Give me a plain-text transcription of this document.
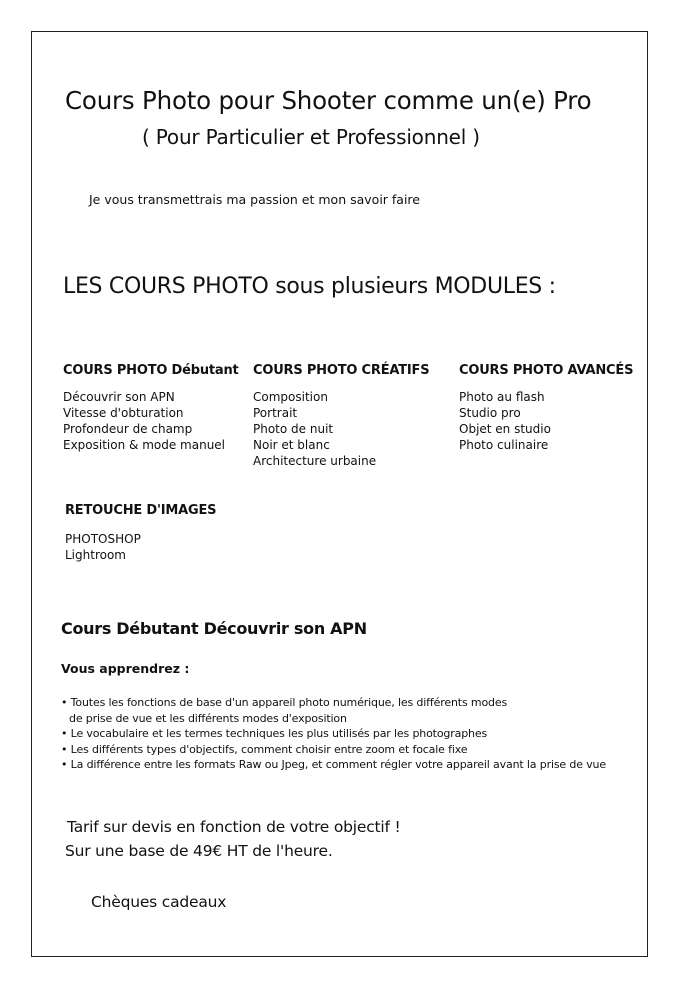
Cours Photo pour Shooter comme un(e) Pro
( Pour Particulier et Professionnel )
Je vous transmettrais ma passion et mon savoir faire
LES COURS PHOTO sous plusieurs MODULES :
COURS PHOTO Débutant
Découvrir son APN
Vitesse d'obturation
Profondeur de champ
Exposition & mode manuel
COURS PHOTO CRÉATIFS
Composition
Portrait
Photo de nuit
Noir et blanc
Architecture urbaine
COURS PHOTO AVANCÉS
Photo au flash
Studio pro
Objet en studio
Photo culinaire
RETOUCHE D'IMAGES
PHOTOSHOP
Lightroom
Cours Débutant Découvrir son APN
Vous apprendrez :
• Toutes les fonctions de base d'un appareil photo numérique, les différents modes
de prise de vue et les différents modes d'exposition
• Le vocabulaire et les termes techniques les plus utilisés par les photographes
• Les différents types d'objectifs, comment choisir entre zoom et focale fixe
• La différence entre les formats Raw ou Jpeg, et comment régler votre appareil avant la prise de vue
Tarif sur devis en fonction de votre objectif !
Sur une base de 49€ HT de l'heure.
Chèques cadeaux
